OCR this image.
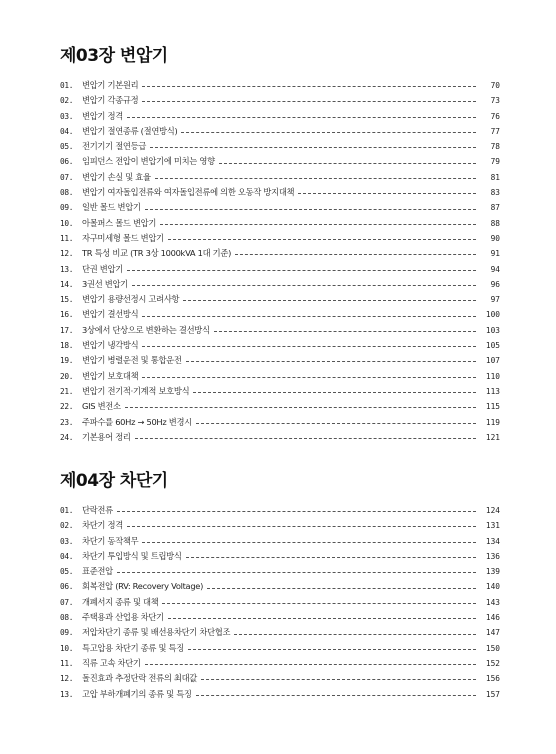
제03장 변압기
01.	변압기 기본원리	70
02.	변압기 각종규정	73
03.	변압기 정격	76
04.	변압기 절연종류 (절연방식)	77
05.	전기기기 절연등급	78
06.	임피던스 전압이 변압기에 미치는 영향	79
07.	변압기 손실 및 효율	81
08.	변압기 여자돌입전류와 여자돌입전류에 의한 오동작 방지대책	83
09.	일반 몰드 변압기	87
10.	아몰퍼스 몰드 변압기	88
11.	자구미세형 몰드 변압기	90
12.	TR 특성 비교 (TR 3상 1000kVA 1대 기준)	91
13.	단권 변압기	94
14.	3권선 변압기	96
15.	변압기 용량선정시 고려사항	97
16.	변압기 결선방식	100
17.	3상에서 단상으로 변환하는 결선방식	103
18.	변압기 냉각방식	105
19.	변압기 병렬운전 및 통합운전	107
20.	변압기 보호대책	110
21.	변압기 전기적·기계적 보호방식	113
22.	GIS 변전소	115
23.	주파수를 60Hz → 50Hz 변경시	119
24.	기본용어 정리	121
제04장 차단기
01.	단락전류	124
02.	차단기 정격	131
03.	차단기 동작책무	134
04.	차단기 투입방식 및 트립방식	136
05.	표준전압	139
06.	회복전압 (RV: Recovery Voltage)	140
07.	개폐서지 종류 및 대책	143
08.	주택용과 산업용 차단기	146
09.	저압차단기 종류 및 배선용차단기 차단협조	147
10.	특고압용 차단기 종류 및 특징	150
11.	직류 고속 차단기	152
12.	돌진효과 추정단락 전류의 최대값	156
13.	고압 부하개폐기의 종류 및 특징	157
